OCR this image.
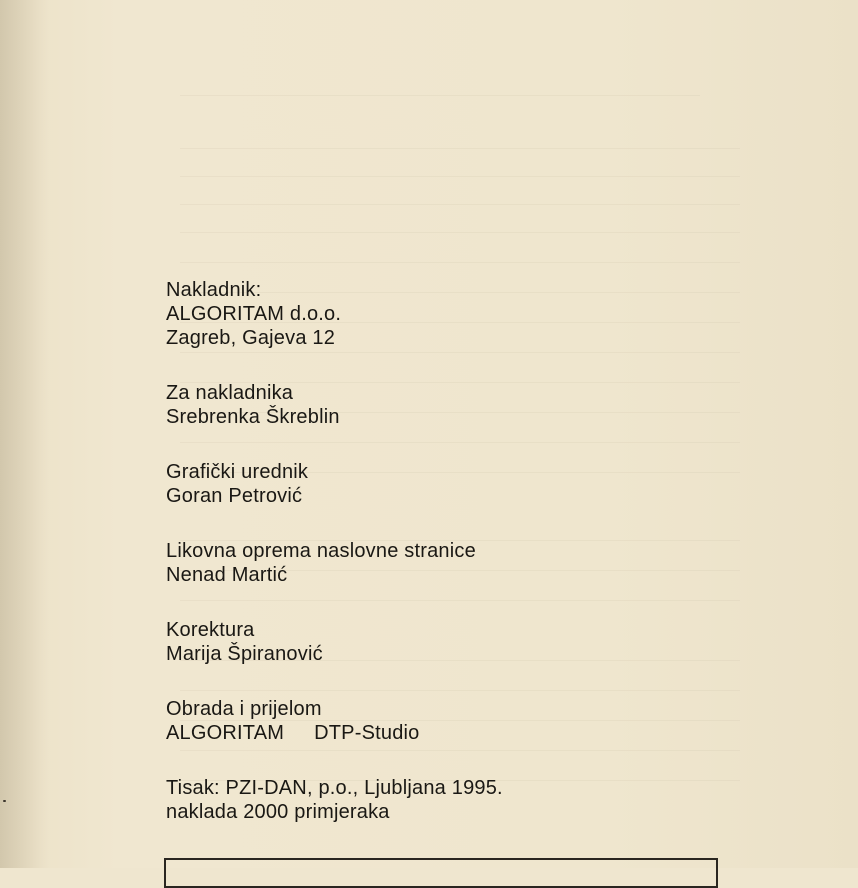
Nakladnik:
ALGORITAM d.o.o.
Zagreb, Gajeva 12
Za nakladnika
Srebrenka Škreblin
Grafički urednik
Goran Petrović
Likovna oprema naslovne stranice
Nenad Martić
Korektura
Marija Špiranović
Obrada i prijelom
ALGORITAM DTP-Studio
Tisak: PZI-DAN, p.o., Ljubljana 1995.
naklada 2000 primjeraka
